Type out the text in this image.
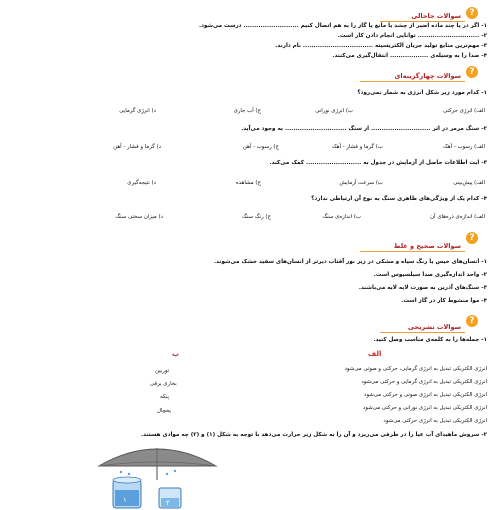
?
سوالات جاخالی
۱- اگر در یا چند ماده اضیر از چشد یا مانع یا گاز را به هم اتصال کنیم .......................... درست می‌شود.
۲- ............................. توانایی انجام دادن کار است.
۳- مهم‌ترین منابع تولید جریان الکتریسیته ................................. نام دارند.
۴- صدا را به وسیله‌ی .................. انتقال‌گیری می‌کنند.
?
سوالات چهارگزینه‌ای
۱- کدام مورد زیر شکل انرژی به شمار نمی‌رود؟
الف) انرژی حرکتی
ب) انرژی نورانی
ج) آب جاری
د) انرژی گرمایی
۲- سنگ مرمر در اثر ............................ از سنگ ............................. به وجود می‌آید.
الف) رسوب - آهک
ب) گرما و فشار - آهک
ج) رسوب - آهن
د) گرما و فشار - آهن
۳- ایت اطلاعات حاصل از آزمایش در جدول به .......................... کمک می‌کند.
الف) پیش‌بینی
ب) سرعت آزمایش
ج) مشاهده
د) نتیجه‌گیری
۴- کدام یک از ویژگی‌های ظاهری سنگ به نوع آن ارتباطی ندارد؟
الف) اندازه‌ی ذره‌های آن
ب) اندازه‌ی سنگ
ج) رنگ سنگ
د) میزان سختی سنگ
?
سوالات صحیح و غلط
۱- انسان‌های خیس یا رنگ سیاه و مشکی در زیر نور آفتاب دیرتر از انسان‌های سفید خشک می‌شوند.
۲- واحد اندازه‌گیری صدا سیلسیوس است.
۳- سنگ‌های آذرین به صورت لایه لایه می‌باشند.
۴- موا منشوط کار در گاز است.
?
سوالات تشریحی
۱- جمله‌ها را به کلمه‌ی مناسب وصل کنید.
الف
ب
انرژی الکتریکی تبدیل به انرژی گرمایی، حرکتی و صوتی می‌شود
انرژی الکتریکی تبدیل به انرژی گرمایی و حرکتی می‌شود
انرژی الکتریکی تبدیل به انرژی صوتی و حرکتی می‌شود
انرژی الکتریکی تبدیل به انرژی نورانی و حرکتی می‌شود
انرژی الکتریکی تبدیل به انرژی حرکتی می‌شود
توربین
بخاری برقی
پنکه
یخچال
۲- سروش ماهیدای آب عیا را در ظرفی می‌ریزد و آن را به شکل زیر حرارت می‌دهد با توجه به شکل (۱) و (۲) چه موادی هستند.
١	٢
